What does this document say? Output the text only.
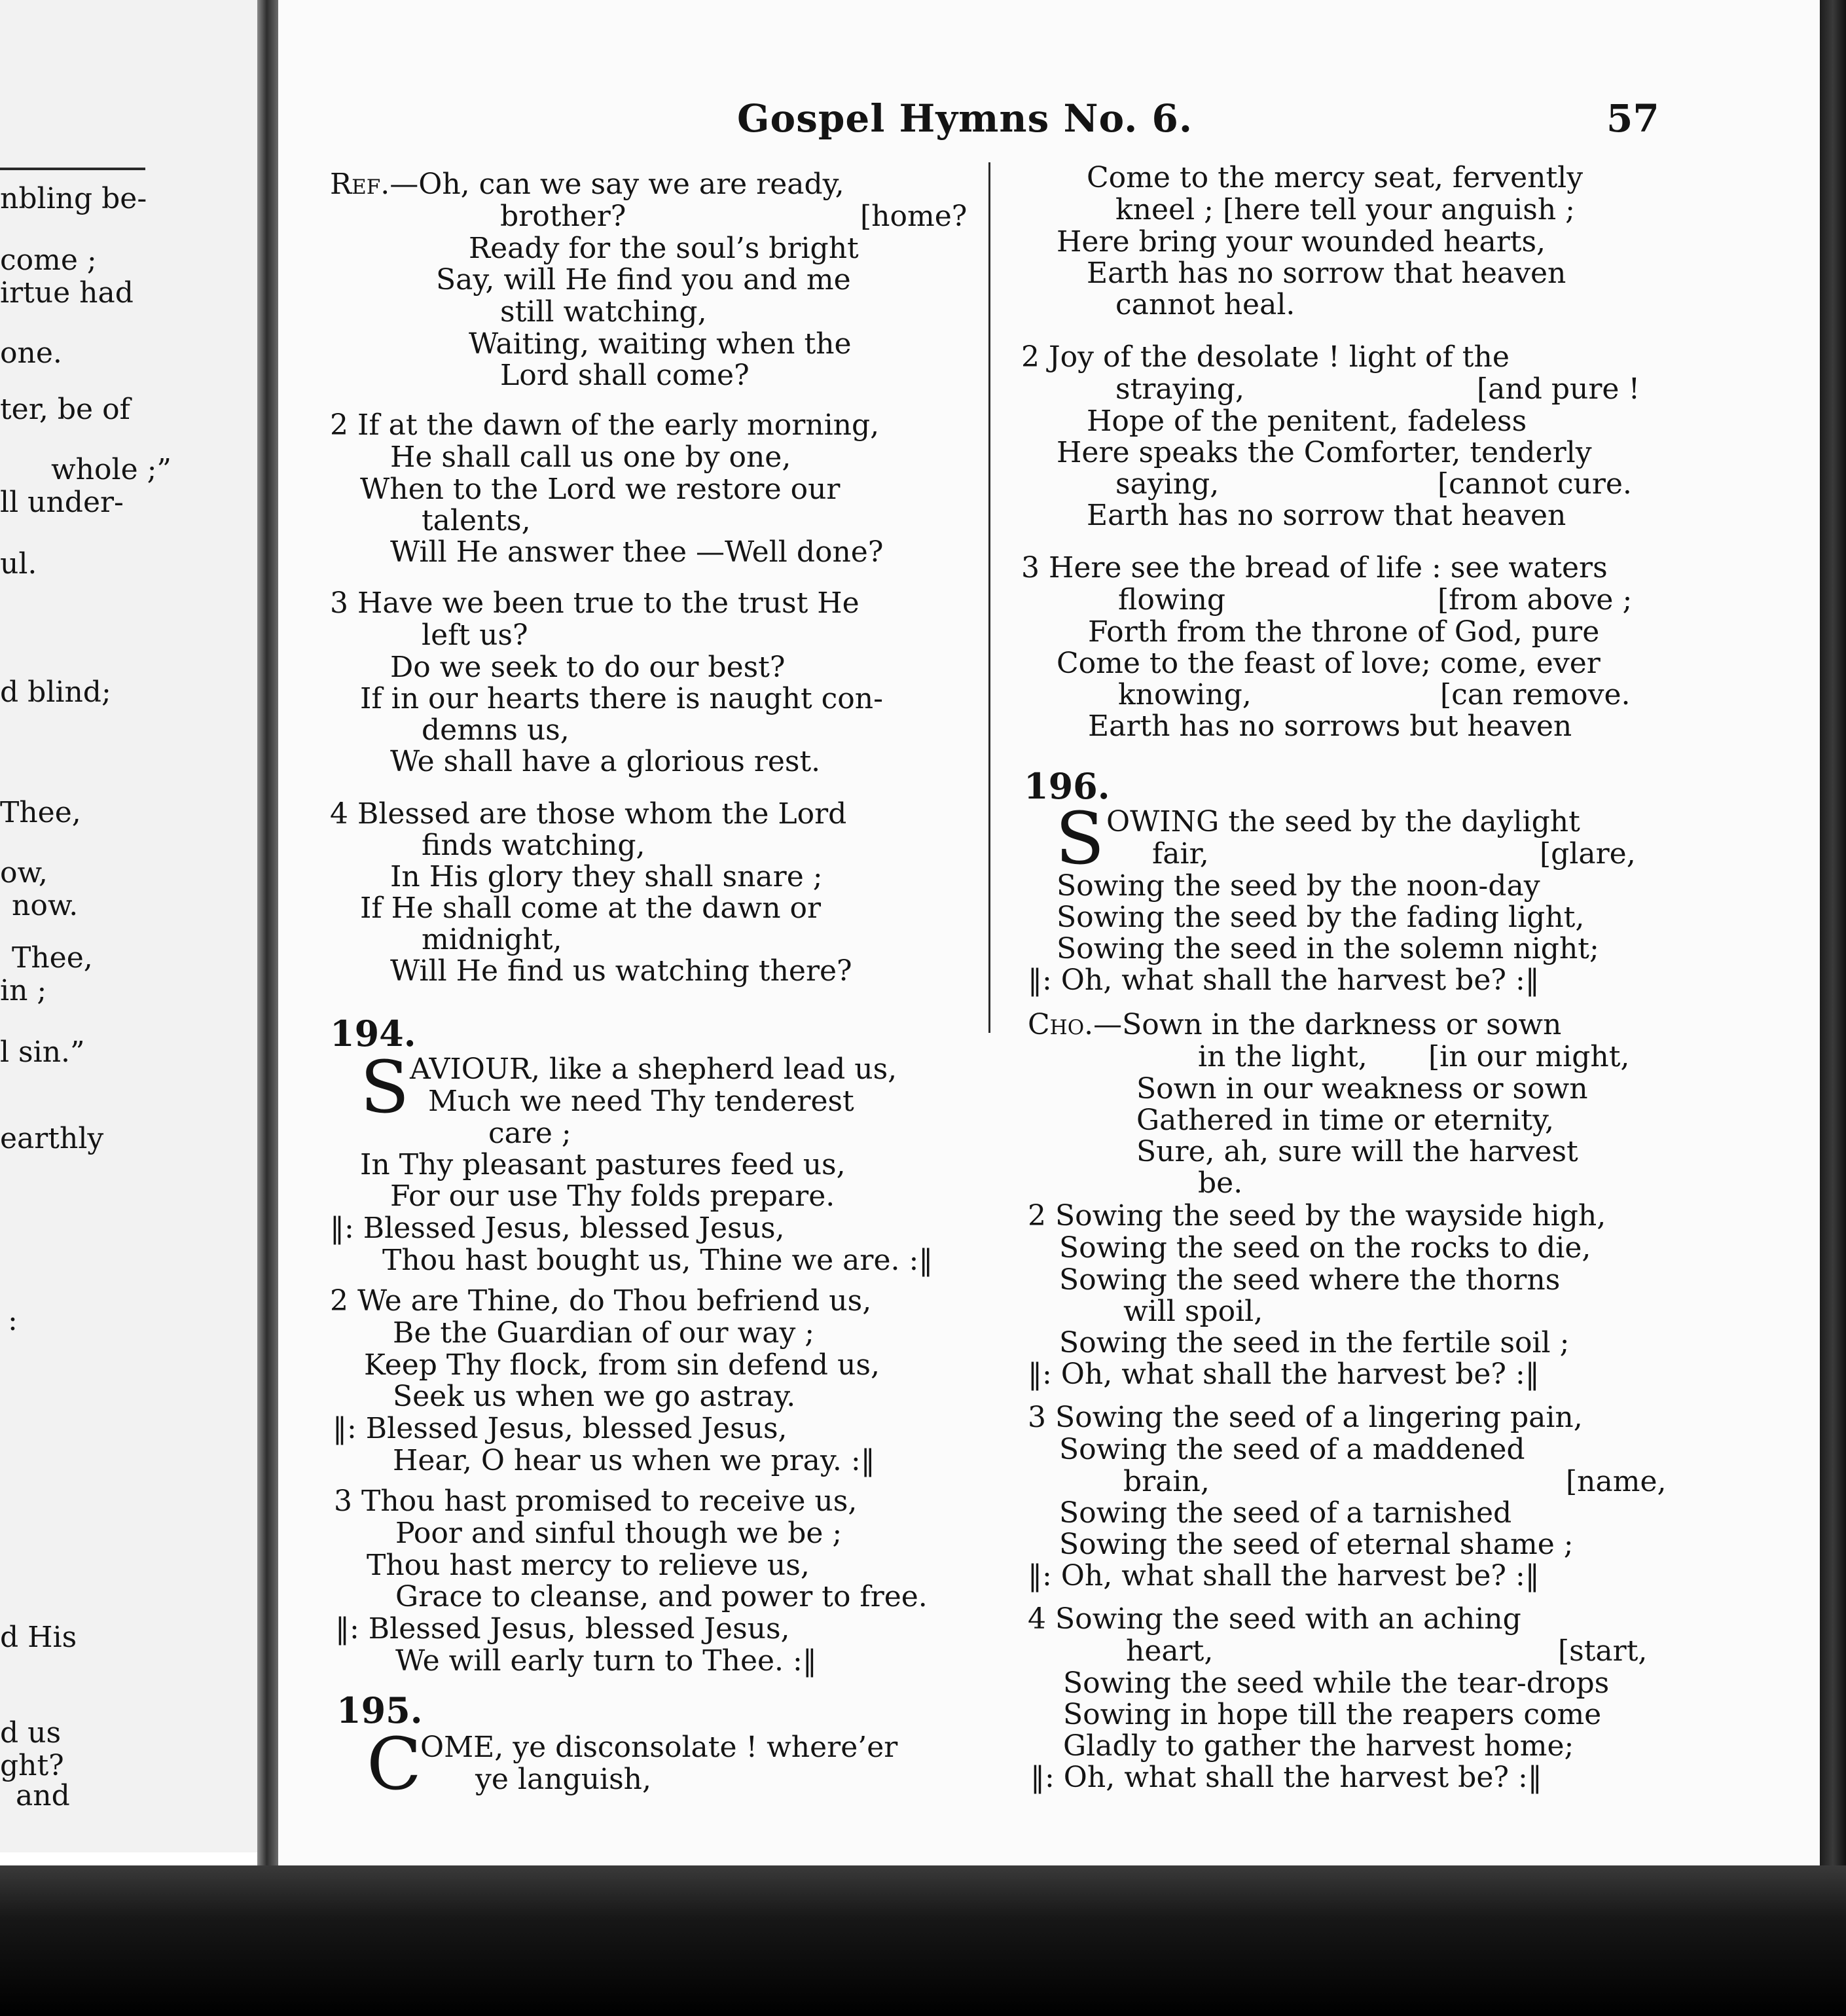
Gospel Hymns No. 6.	57
nbling be-
come ;
irtue had
one.
ter, be of
whole ;”
ll under-
ul.
d blind;
Thee,
ow,
now.
Thee,
in ;
l sin.”
earthly
:
d His
d us
ght?
and
Ref.—Oh, can we say we are ready,
brother?	[home?
Ready for the soul’s bright
Say, will He find you and me
still watching,
Waiting, waiting when the
Lord shall come?
2 If at the dawn of the early morning,
He shall call us one by one,
When to the Lord we restore our
talents,
Will He answer thee —Well done?
3 Have we been true to the trust He
left us?
Do we seek to do our best?
If in our hearts there is naught con-
demns us,
We shall have a glorious rest.
4 Blessed are those whom the Lord
finds watching,
In His glory they shall snare ;
If He shall come at the dawn or
midnight,
Will He find us watching there?
194.
S AVIOUR, like a shepherd lead us,
Much we need Thy tenderest
care ;
In Thy pleasant pastures feed us,
For our use Thy folds prepare.
‖: Blessed Jesus, blessed Jesus,
Thou hast bought us, Thine we are. :‖
2 We are Thine, do Thou befriend us,
Be the Guardian of our way ;
Keep Thy flock, from sin defend us,
Seek us when we go astray.
‖: Blessed Jesus, blessed Jesus,
Hear, O hear us when we pray. :‖
3 Thou hast promised to receive us,
Poor and sinful though we be ;
Thou hast mercy to relieve us,
Grace to cleanse, and power to free.
‖: Blessed Jesus, blessed Jesus,
We will early turn to Thee. :‖
195.
C
OME, ye disconsolate ! where’er
ye languish,
Come to the mercy seat, fervently
kneel ; [here tell your anguish ;
Here bring your wounded hearts,
Earth has no sorrow that heaven
cannot heal.
2 Joy of the desolate ! light of the
straying,	[and pure !
Hope of the penitent, fadeless
Here speaks the Comforter, tenderly
saying,	[cannot cure.
Earth has no sorrow that heaven
3 Here see the bread of life : see waters
flowing	[from above ;
Forth from the throne of God, pure
Come to the feast of love; come, ever
knowing,	[can remove.
Earth has no sorrows but heaven
196.
S OWING the seed by the daylight
fair,	[glare,
Sowing the seed by the noon-day
Sowing the seed by the fading light,
Sowing the seed in the solemn night;
‖: Oh, what shall the harvest be? :‖
Cho.—Sown in the darkness or sown
in the light, [in our might,
Sown in our weakness or sown
Gathered in time or eternity,
Sure, ah, sure will the harvest
be.
2 Sowing the seed by the wayside high,
Sowing the seed on the rocks to die,
Sowing the seed where the thorns
will spoil,
Sowing the seed in the fertile soil ;
‖: Oh, what shall the harvest be? :‖
3 Sowing the seed of a lingering pain,
Sowing the seed of a maddened
brain,	[name,
Sowing the seed of a tarnished
Sowing the seed of eternal shame ;
‖: Oh, what shall the harvest be? :‖
4 Sowing the seed with an aching
heart,	[start,
Sowing the seed while the tear-drops
Sowing in hope till the reapers come
Gladly to gather the harvest home;
‖: Oh, what shall the harvest be? :‖
